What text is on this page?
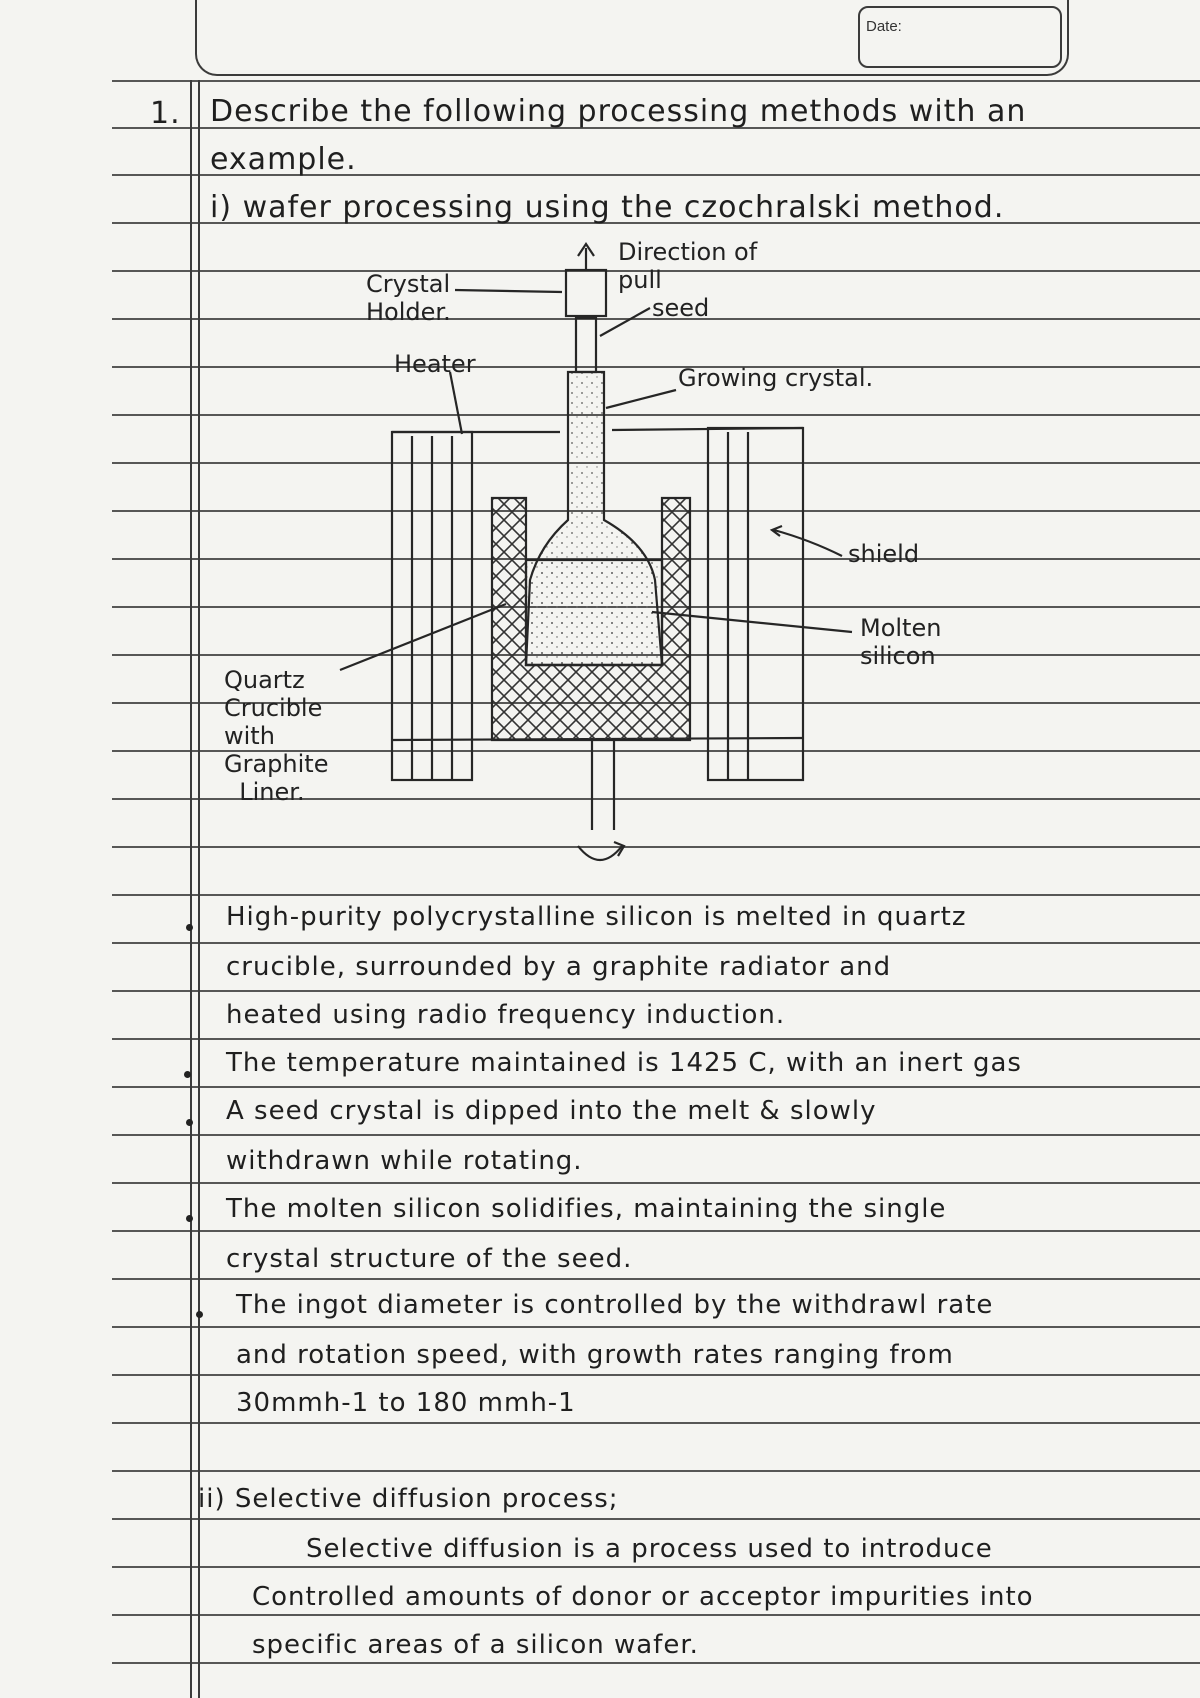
Date:
1. Describe the following processing methods with an
example.
i) wafer processing using the czochralski method.
Direction of
pull
Crystal
Holder.	seed
Heater	Growing crystal.
shield
Molten
silicon
Quartz
Crucible
with
Graphite
Liner.
High-purity polycrystalline silicon is melted in quartz
crucible, surrounded by a graphite radiator and
heated using radio frequency induction.
The temperature maintained is 1425 C, with an inert gas
A seed crystal is dipped into the melt & slowly
withdrawn while rotating.
The molten silicon solidifies, maintaining the single
crystal structure of the seed.
The ingot diameter is controlled by the withdrawl rate
and rotation speed, with growth rates ranging from
30mmh-1 to 180 mmh-1
ii) Selective diffusion process;
Selective diffusion is a process used to introduce
Controlled amounts of donor or acceptor impurities into
specific areas of a silicon wafer.
